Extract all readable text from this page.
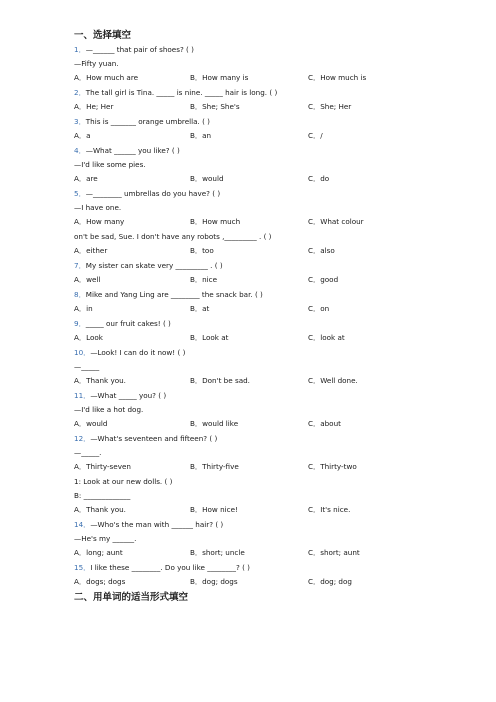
一、选择填空
1．—______ that pair of shoes? ( )
—Fifty yuan.
A．How much are	B．How many is	C．How much is
2．The tall girl is Tina. _____ is nine. _____ hair is long. ( )
A．He; Her	B．She; She's	C．She; Her
3．This is _______ orange umbrella. ( )
A．a	B．an	C．/
4．—What ______ you like? ( )
—I'd like some pies.
A．are	B．would	C．do
5．—________ umbrellas do you have? ( )
—I have one.
A．How many	B．How much	C．What colour
on't be sad, Sue. I don't have any robots ,_________ . ( )
A．either	B．too	C．also
7．My sister can skate very _________ . ( )
A．well	B．nice	C．good
8．Mike and Yang Ling are ________ the snack bar. ( )
A．in	B．at	C．on
9．_____ our fruit cakes! ( )
A．Look	B．Look at	C．look at
10．—Look! I can do it now! ( )
—_____
A．Thank you.	B．Don't be sad.	C．Well done.
11．—What _____ you? ( )
—I'd like a hot dog.
A．would	B．would like	C．about
12．—What's seventeen and fifteen? ( )
—_____.
A．Thirty-seven	B．Thirty-five	C．Thirty-two
1: Look at our new dolls. ( )
B: _____________
A．Thank you.	B．How nice!	C．It's nice.
14．—Who's the man with ______ hair? ( )
—He's my ______.
A．long; aunt	B．short; uncle	C．short; aunt
15．I like these ________. Do you like ________? ( )
A．dogs; dogs	B．dog; dogs	C．dog; dog
二、用单词的适当形式填空
